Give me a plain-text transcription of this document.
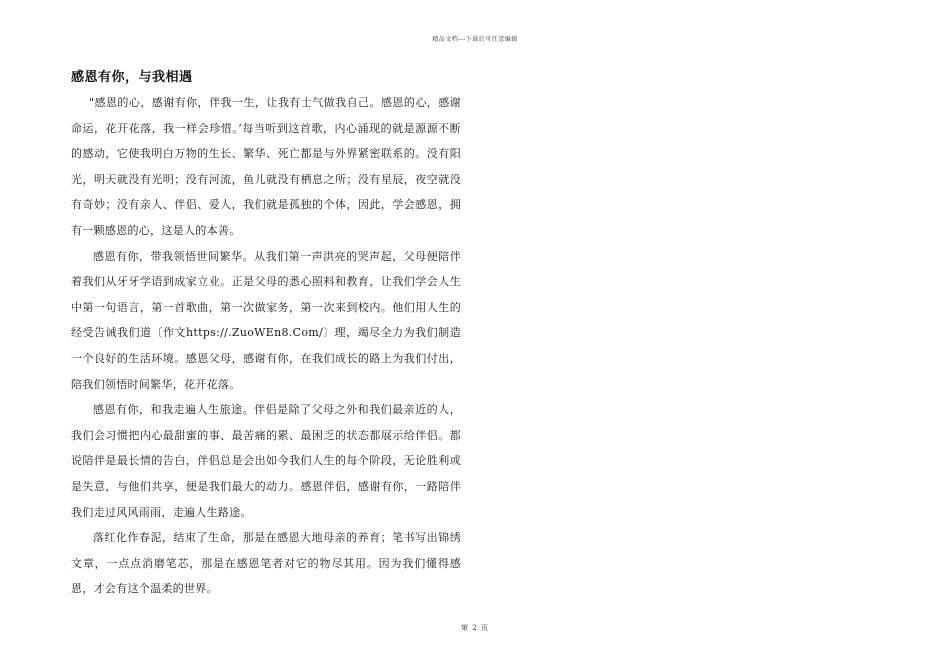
精品文档---下载后可任意编辑
感恩有你，与我相遇

"感恩的心，感谢有你，伴我一生，让我有士气做我自己。感恩的心，感谢命运，花开花落，我一样会珍惜。’每当听到这首歌，内心涌现的就是源源不断的感动，它使我明白万物的生长、繁华、死亡都是与外界紧密联系的。没有阳光，明天就没有光明；没有河流，鱼儿就没有栖息之所；没有星辰，夜空就没有奇妙；没有亲人、伴侣、爱人，我们就是孤独的个体，因此，学会感恩，拥有一颗感恩的心，这是人的本善。

感恩有你，带我领悟世间繁华。从我们第一声洪亮的哭声起，父母便陪伴着我们从牙牙学语到成家立业。正是父母的悉心照料和教育，让我们学会人生中第一句语言，第一首歌曲，第一次做家务，第一次来到校内。他们用人生的经受告诫我们道〔作文https://.ZuoWEn8.Com/〕理，竭尽全力为我们制造一个良好的生活环境。感恩父母，感谢有你，在我们成长的路上为我们付出，陪我们领悟时间繁华，花开花落。

感恩有你，和我走遍人生旅途。伴侣是除了父母之外和我们最亲近的人，我们会习惯把内心最甜蜜的事、最苦痛的累、最困乏的状态都展示给伴侣。都说陪伴是最长情的告白，伴侣总是会出如今我们人生的每个阶段，无论胜利或是失意，与他们共享，便是我们最大的动力。感恩伴侣，感谢有你，一路陪伴我们走过风风雨雨，走遍人生路途。

落红化作春泥，结束了生命，那是在感恩大地母亲的养育；笔书写出锦绣文章，一点点消磨笔芯，那是在感恩笔者对它的物尽其用。因为我们懂得感恩，才会有这个温柔的世界。

第 2 页
